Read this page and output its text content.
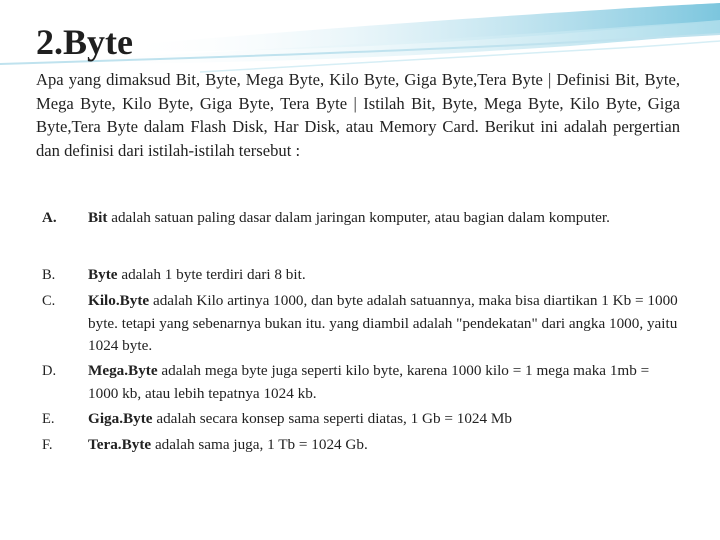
2.Byte

Apa yang dimaksud Bit, Byte, Mega Byte, Kilo Byte, Giga Byte,Tera Byte | Definisi Bit, Byte, Mega Byte, Kilo Byte, Giga Byte, Tera Byte | Istilah Bit, Byte, Mega Byte, Kilo Byte, Giga Byte,Tera Byte dalam Flash Disk, Har Disk, atau Memory Card. Berikut ini adalah pergertian dan definisi dari istilah-istilah tersebut :

A. Bit adalah satuan paling dasar dalam jaringan komputer, atau bagian dalam komputer.
B. Byte adalah 1 byte terdiri dari 8 bit.
C. Kilo.Byte adalah Kilo artinya 1000, dan byte adalah satuannya, maka bisa diartikan 1 Kb = 1000 byte. tetapi yang sebenarnya bukan itu. yang diambil adalah "pendekatan" dari angka 1000, yaitu 1024 byte.
D. Mega.Byte adalah mega byte juga seperti kilo byte, karena 1000 kilo = 1 mega maka 1mb = 1000 kb, atau lebih tepatnya 1024 kb.
E. Giga.Byte adalah secara konsep sama seperti diatas, 1 Gb = 1024 Mb
F. Tera.Byte adalah sama juga, 1 Tb = 1024 Gb.
